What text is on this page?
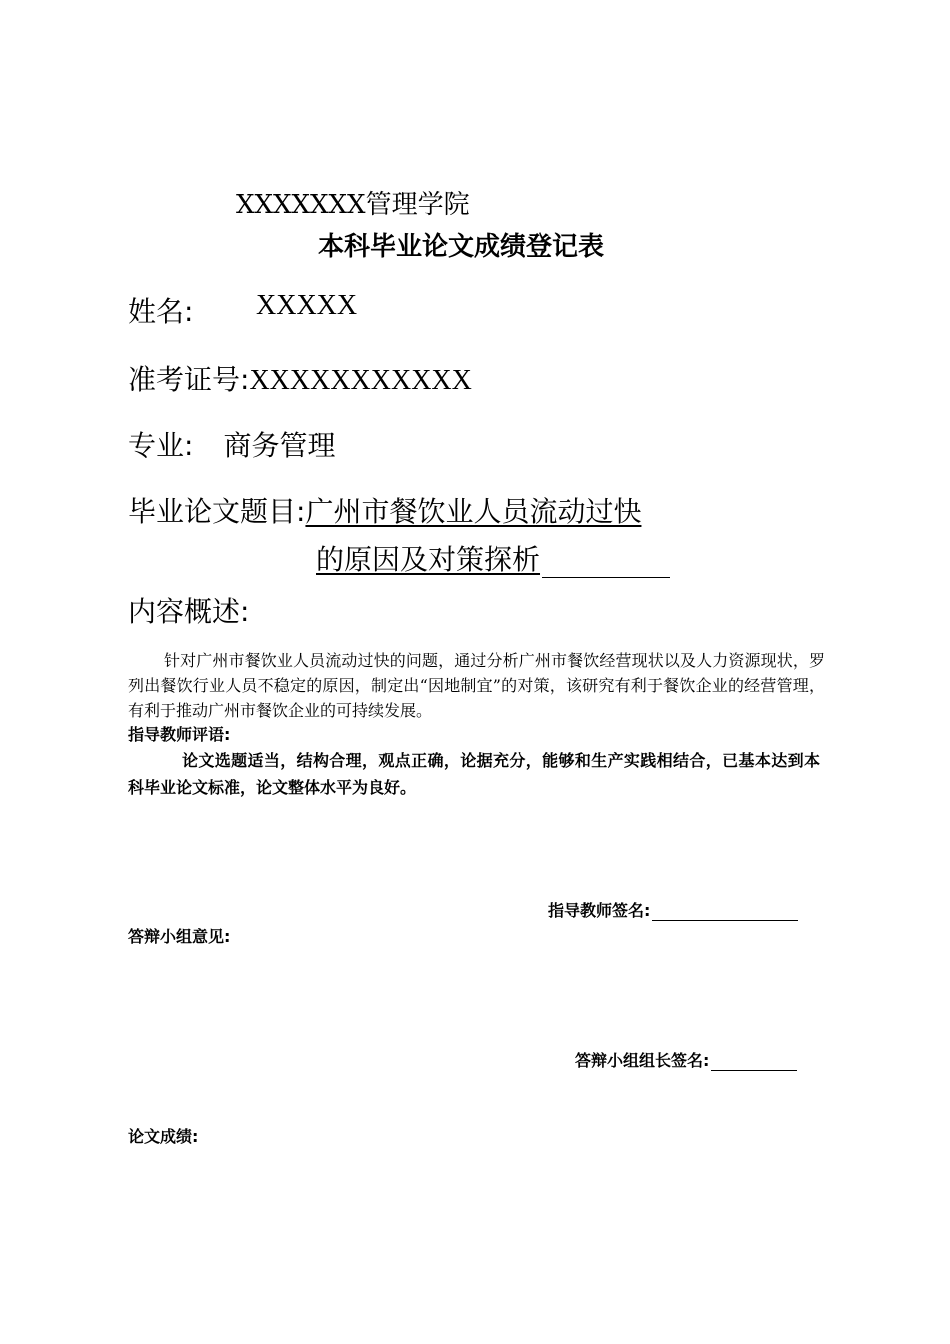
XXXXXXX管理学院
本科毕业论文成绩登记表
姓名: XXXXX
准考证号:XXXXXXXXXXX
专业: 商务管理
毕业论文题目:广州市餐饮业人员流动过快
的原因及对策探析
内容概述:
针对广州市餐饮业人员流动过快的问题，通过分析广州市餐饮经营现状以及人力资源现状，罗列出餐饮行业人员不稳定的原因，制定出“因地制宜”的对策，该研究有利于餐饮企业的经营管理，有利于推动广州市餐饮企业的可持续发展。
指导教师评语:
论文选题适当，结构合理，观点正确，论据充分，能够和生产实践相结合，已基本达到本科毕业论文标准，论文整体水平为良好。
指导教师签名:
答辩小组意见:
答辩小组组长签名:
论文成绩:
